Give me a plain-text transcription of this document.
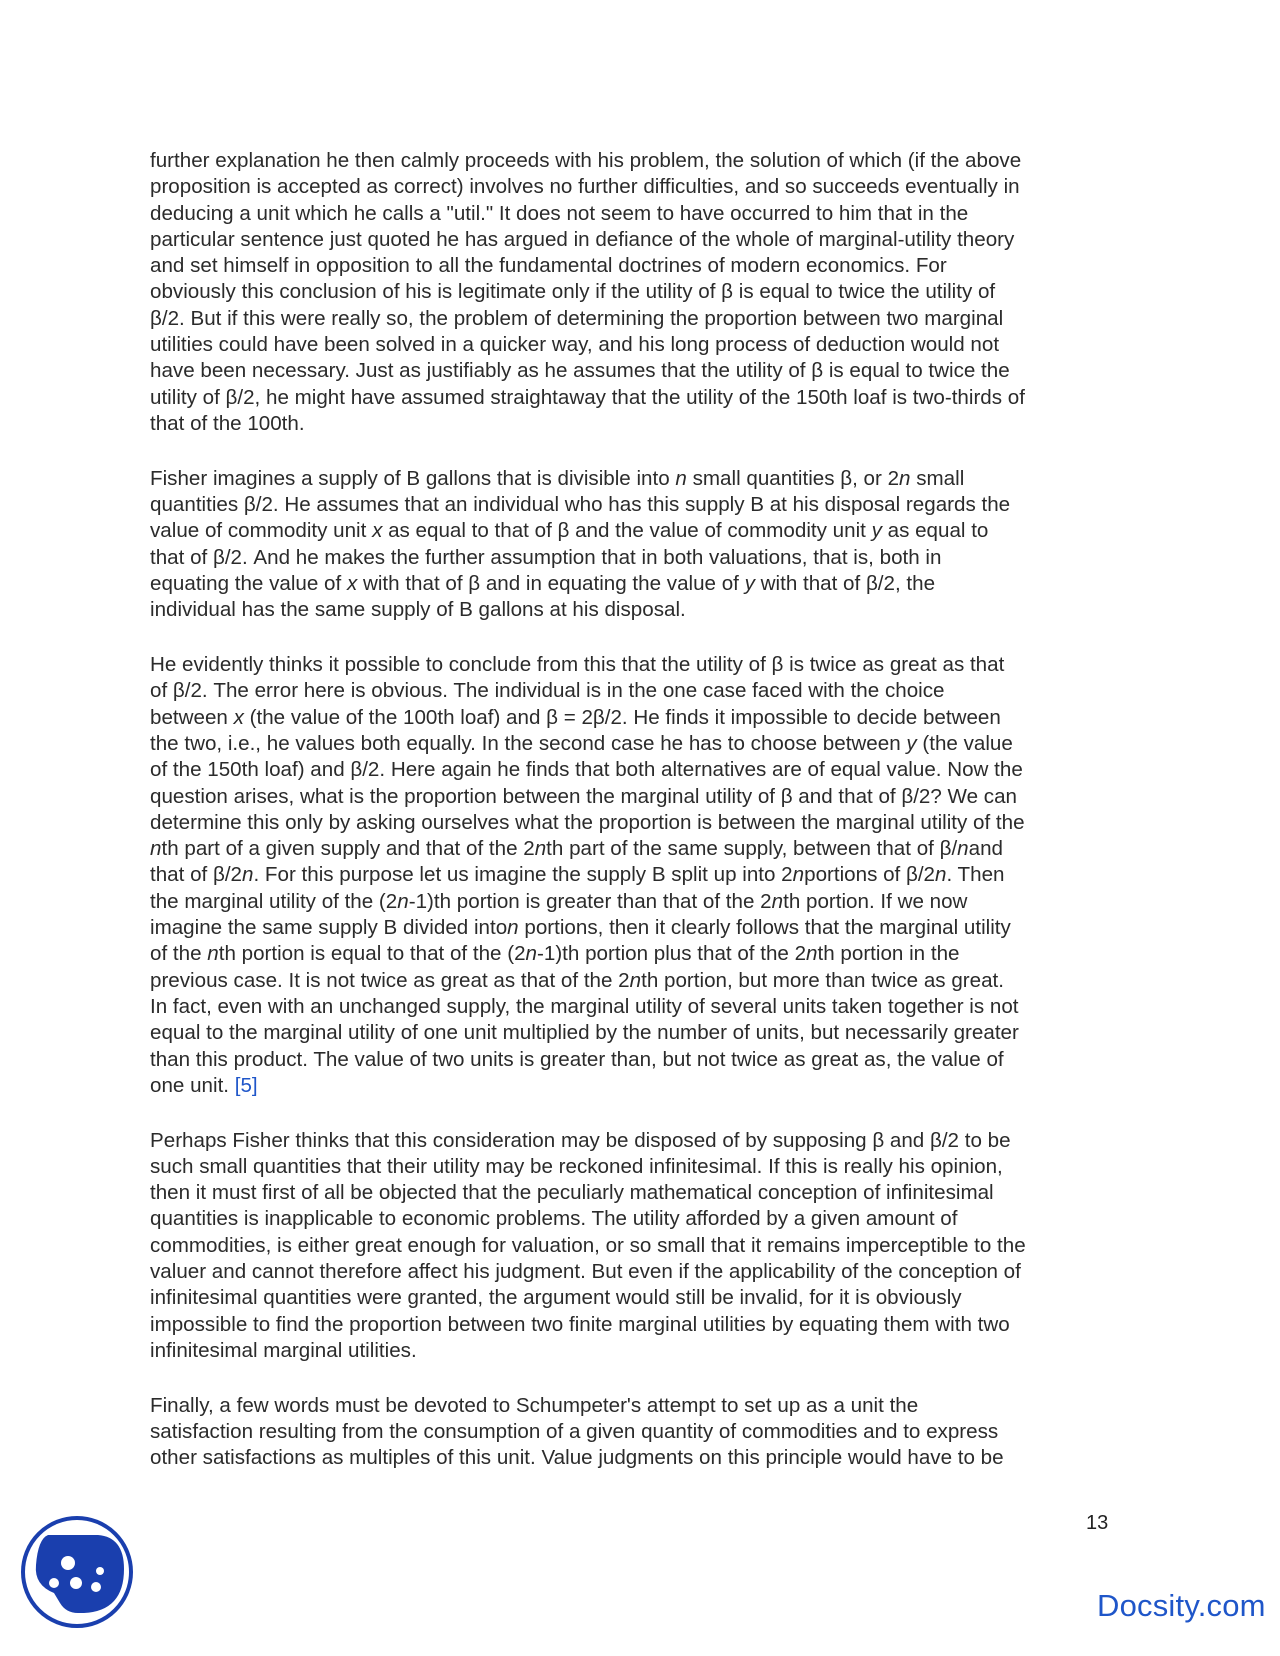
further explanation he then calmly proceeds with his problem, the solution of which (if the above
proposition is accepted as correct) involves no further difficulties, and so succeeds eventually in
deducing a unit which he calls a "util." It does not seem to have occurred to him that in the
particular sentence just quoted he has argued in defiance of the whole of marginal-utility theory
and set himself in opposition to all the fundamental doctrines of modern economics. For
obviously this conclusion of his is legitimate only if the utility of β is equal to twice the utility of
β/2. But if this were really so, the problem of determining the proportion between two marginal
utilities could have been solved in a quicker way, and his long process of deduction would not
have been necessary. Just as justifiably as he assumes that the utility of β is equal to twice the
utility of β/2, he might have assumed straightaway that the utility of the 150th loaf is two-thirds of
that of the 100th.

Fisher imagines a supply of B gallons that is divisible into n small quantities β, or 2n small
quantities β/2. He assumes that an individual who has this supply B at his disposal regards the
value of commodity unit x as equal to that of β and the value of commodity unit y as equal to
that of β/2. And he makes the further assumption that in both valuations, that is, both in
equating the value of x with that of β and in equating the value of y with that of β/2, the
individual has the same supply of B gallons at his disposal.

He evidently thinks it possible to conclude from this that the utility of β is twice as great as that
of β/2. The error here is obvious. The individual is in the one case faced with the choice
between x (the value of the 100th loaf) and β = 2β/2. He finds it impossible to decide between
the two, i.e., he values both equally. In the second case he has to choose between y (the value
of the 150th loaf) and β/2. Here again he finds that both alternatives are of equal value. Now the
question arises, what is the proportion between the marginal utility of β and that of β/2? We can
determine this only by asking ourselves what the proportion is between the marginal utility of the
nth part of a given supply and that of the 2nth part of the same supply, between that of β/nand
that of β/2n. For this purpose let us imagine the supply B split up into 2nportions of β/2n. Then
the marginal utility of the (2n-1)th portion is greater than that of the 2nth portion. If we now
imagine the same supply B divided inton portions, then it clearly follows that the marginal utility
of the nth portion is equal to that of the (2n-1)th portion plus that of the 2nth portion in the
previous case. It is not twice as great as that of the 2nth portion, but more than twice as great.
In fact, even with an unchanged supply, the marginal utility of several units taken together is not
equal to the marginal utility of one unit multiplied by the number of units, but necessarily greater
than this product. The value of two units is greater than, but not twice as great as, the value of
one unit. [5]

Perhaps Fisher thinks that this consideration may be disposed of by supposing β and β/2 to be
such small quantities that their utility may be reckoned infinitesimal. If this is really his opinion,
then it must first of all be objected that the peculiarly mathematical conception of infinitesimal
quantities is inapplicable to economic problems. The utility afforded by a given amount of
commodities, is either great enough for valuation, or so small that it remains imperceptible to the
valuer and cannot therefore affect his judgment. But even if the applicability of the conception of
infinitesimal quantities were granted, the argument would still be invalid, for it is obviously
impossible to find the proportion between two finite marginal utilities by equating them with two
infinitesimal marginal utilities.

Finally, a few words must be devoted to Schumpeter's attempt to set up as a unit the
satisfaction resulting from the consumption of a given quantity of commodities and to express
other satisfactions as multiples of this unit. Value judgments on this principle would have to be

13
Docsity.com
